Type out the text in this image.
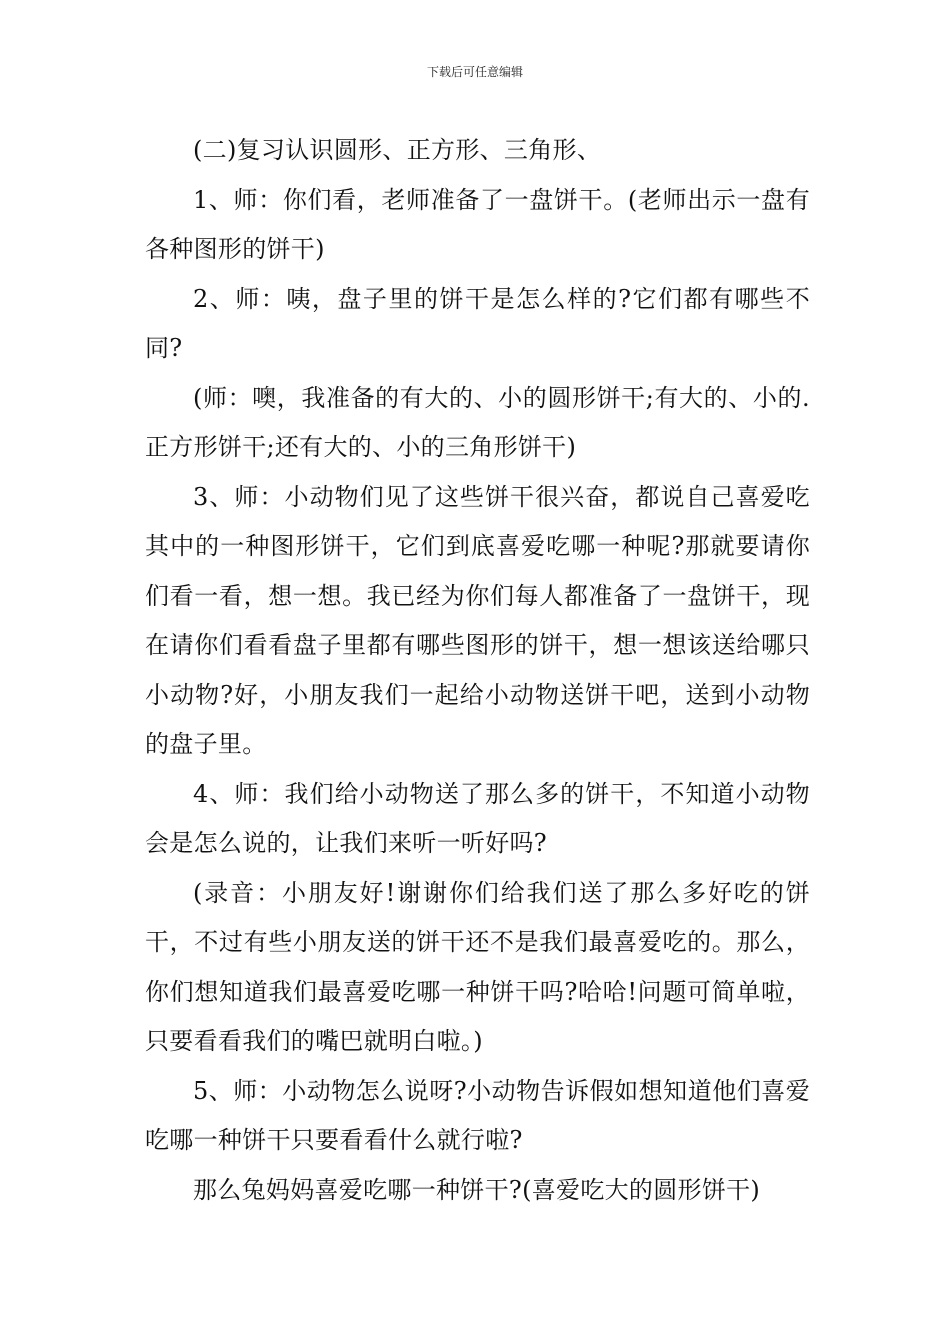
下载后可任意编辑

(二)复习认识圆形、正方形、三角形、

1、师：你们看，老师准备了一盘饼干。(老师出示一盘有各种图形的饼干)

2、师：咦，盘子里的饼干是怎么样的?它们都有哪些不同?

(师：噢，我准备的有大的、小的圆形饼干;有大的、小的.正方形饼干;还有大的、小的三角形饼干)

3、师：小动物们见了这些饼干很兴奋，都说自己喜爱吃其中的一种图形饼干，它们到底喜爱吃哪一种呢?那就要请你们看一看，想一想。我已经为你们每人都准备了一盘饼干，现在请你们看看盘子里都有哪些图形的饼干，想一想该送给哪只小动物?好，小朋友我们一起给小动物送饼干吧，送到小动物的盘子里。

4、师：我们给小动物送了那么多的饼干，不知道小动物会是怎么说的，让我们来听一听好吗?

(录音：小朋友好!谢谢你们给我们送了那么多好吃的饼干，不过有些小朋友送的饼干还不是我们最喜爱吃的。那么，你们想知道我们最喜爱吃哪一种饼干吗?哈哈!问题可简单啦，只要看看我们的嘴巴就明白啦。)

5、师：小动物怎么说呀?小动物告诉假如想知道他们喜爱吃哪一种饼干只要看看什么就行啦?

那么兔妈妈喜爱吃哪一种饼干?(喜爱吃大的圆形饼干)
